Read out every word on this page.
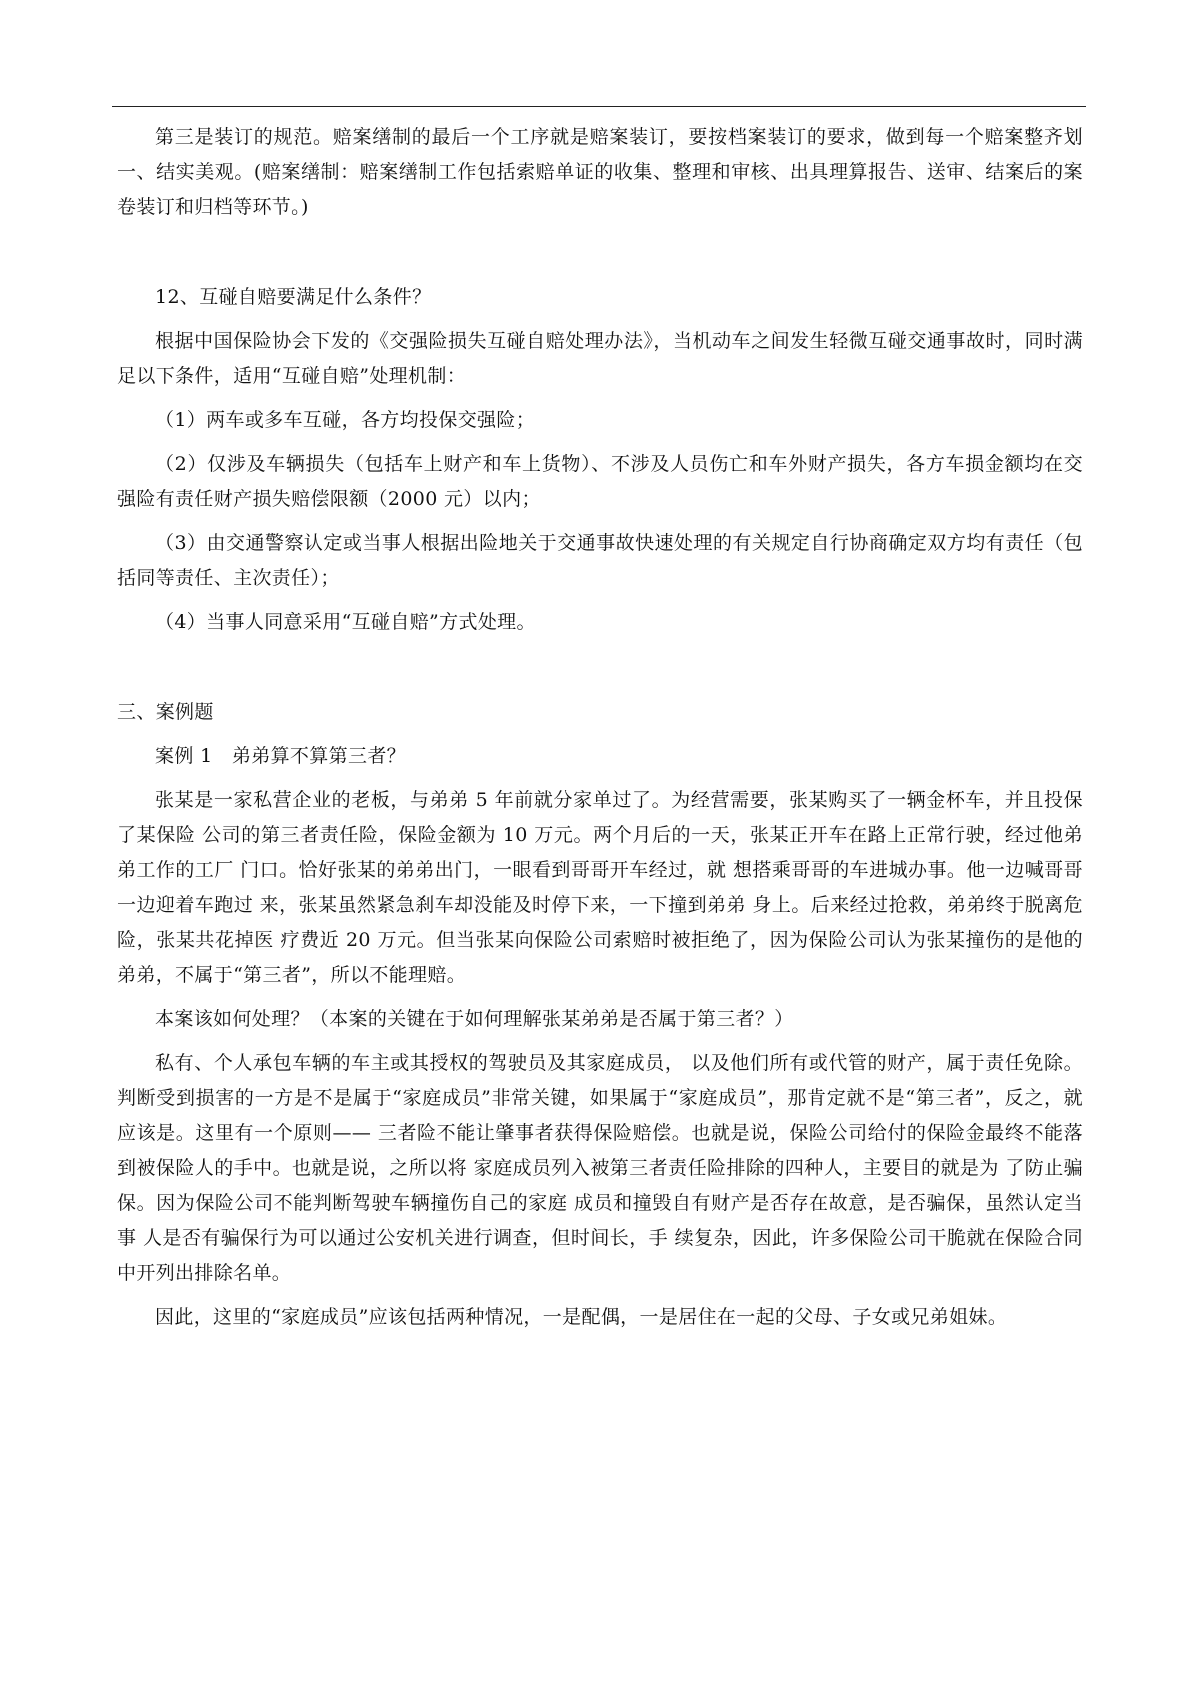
第三是装订的规范。赔案缮制的最后一个工序就是赔案装订，要按档案装订的要求，做到每一个赔案整齐划一、结实美观。(赔案缮制：赔案缮制工作包括索赔单证的收集、整理和审核、出具理算报告、送审、结案后的案卷装订和归档等环节。)

12、互碰自赔要满足什么条件？

根据中国保险协会下发的《交强险损失互碰自赔处理办法》，当机动车之间发生轻微互碰交通事故时，同时满足以下条件，适用“互碰自赔”处理机制：

（1）两车或多车互碰，各方均投保交强险；

（2）仅涉及车辆损失（包括车上财产和车上货物）、不涉及人员伤亡和车外财产损失，各方车损金额均在交强险有责任财产损失赔偿限额（2000 元）以内；

（3）由交通警察认定或当事人根据出险地关于交通事故快速处理的有关规定自行协商确定双方均有责任（包括同等责任、主次责任）；

（4）当事人同意采用“互碰自赔”方式处理。

三、案例题

案例 1　弟弟算不算第三者？

张某是一家私营企业的老板，与弟弟 5 年前就分家单过了。为经营需要，张某购买了一辆金杯车，并且投保了某保险 公司的第三者责任险，保险金额为 10 万元。两个月后的一天，张某正开车在路上正常行驶，经过他弟弟工作的工厂 门口。恰好张某的弟弟出门，一眼看到哥哥开车经过，就 想搭乘哥哥的车进城办事。他一边喊哥哥一边迎着车跑过 来，张某虽然紧急刹车却没能及时停下来，一下撞到弟弟 身上。后来经过抢救，弟弟终于脱离危险，张某共花掉医 疗费近 20 万元。但当张某向保险公司索赔时被拒绝了，因为保险公司认为张某撞伤的是他的弟弟，不属于“第三者”，所以不能理赔。

本案该如何处理？（本案的关键在于如何理解张某弟弟是否属于第三者？）

私有、个人承包车辆的车主或其授权的驾驶员及其家庭成员， 以及他们所有或代管的财产，属于责任免除。判断受到损害的一方是不是属于“家庭成员”非常关键，如果属于“家庭成员”，那肯定就不是“第三者”，反之，就应该是。这里有一个原则—— 三者险不能让肇事者获得保险赔偿。也就是说，保险公司给付的保险金最终不能落到被保险人的手中。也就是说，之所以将 家庭成员列入被第三者责任险排除的四种人，主要目的就是为 了防止骗保。因为保险公司不能判断驾驶车辆撞伤自己的家庭 成员和撞毁自有财产是否存在故意，是否骗保，虽然认定当事 人是否有骗保行为可以通过公安机关进行调查，但时间长，手 续复杂，因此，许多保险公司干脆就在保险合同中开列出排除名单。

因此，这里的“家庭成员”应该包括两种情况，一是配偶，一是居住在一起的父母、子女或兄弟姐妹。
